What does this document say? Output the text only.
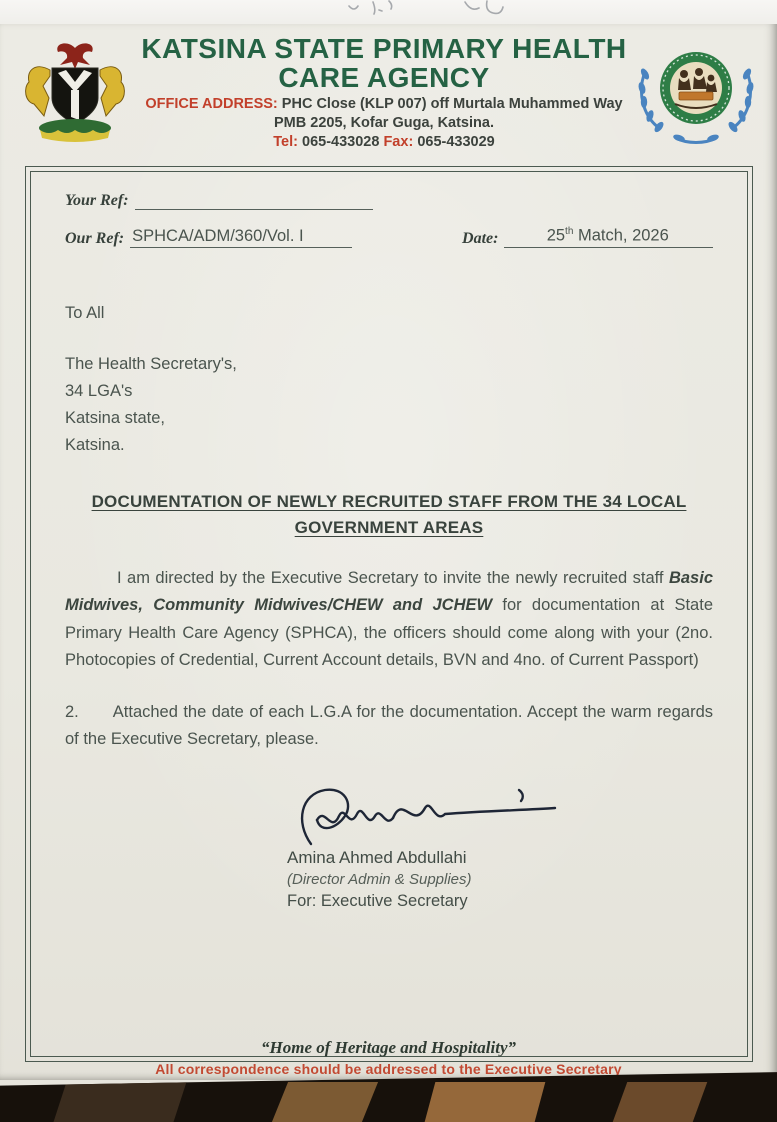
KATSINA STATE PRIMARY HEALTH
CARE AGENCY
OFFICE ADDRESS: PHC Close (KLP 007) off Murtala Muhammed Way
PMB 2205, Kofar Guga, Katsina.
Tel: 065-433028 Fax: 065-433029
Your Ref:
Our Ref: SPHCA/ADM/360/Vol. I	Date:	25th Match, 2026
To All
The Health Secretary's,
34 LGA's
Katsina state,
Katsina.
DOCUMENTATION OF NEWLY RECRUITED STAFF FROM THE 34 LOCAL GOVERNMENT AREAS

I am directed by the Executive Secretary to invite the newly recruited staff Basic Midwives, Community Midwives/CHEW and JCHEW for documentation at State Primary Health Care Agency (SPHCA), the officers should come along with your (2no. Photocopies of Credential, Current Account details, BVN and 4no. of Current Passport)

2. Attached the date of each L.G.A for the documentation. Accept the warm regards of the Executive Secretary, please.

Amina Ahmed Abdullahi
(Director Admin & Supplies)
For: Executive Secretary
“Home of Heritage and Hospitality”
All correspondence should be addressed to the Executive Secretary
